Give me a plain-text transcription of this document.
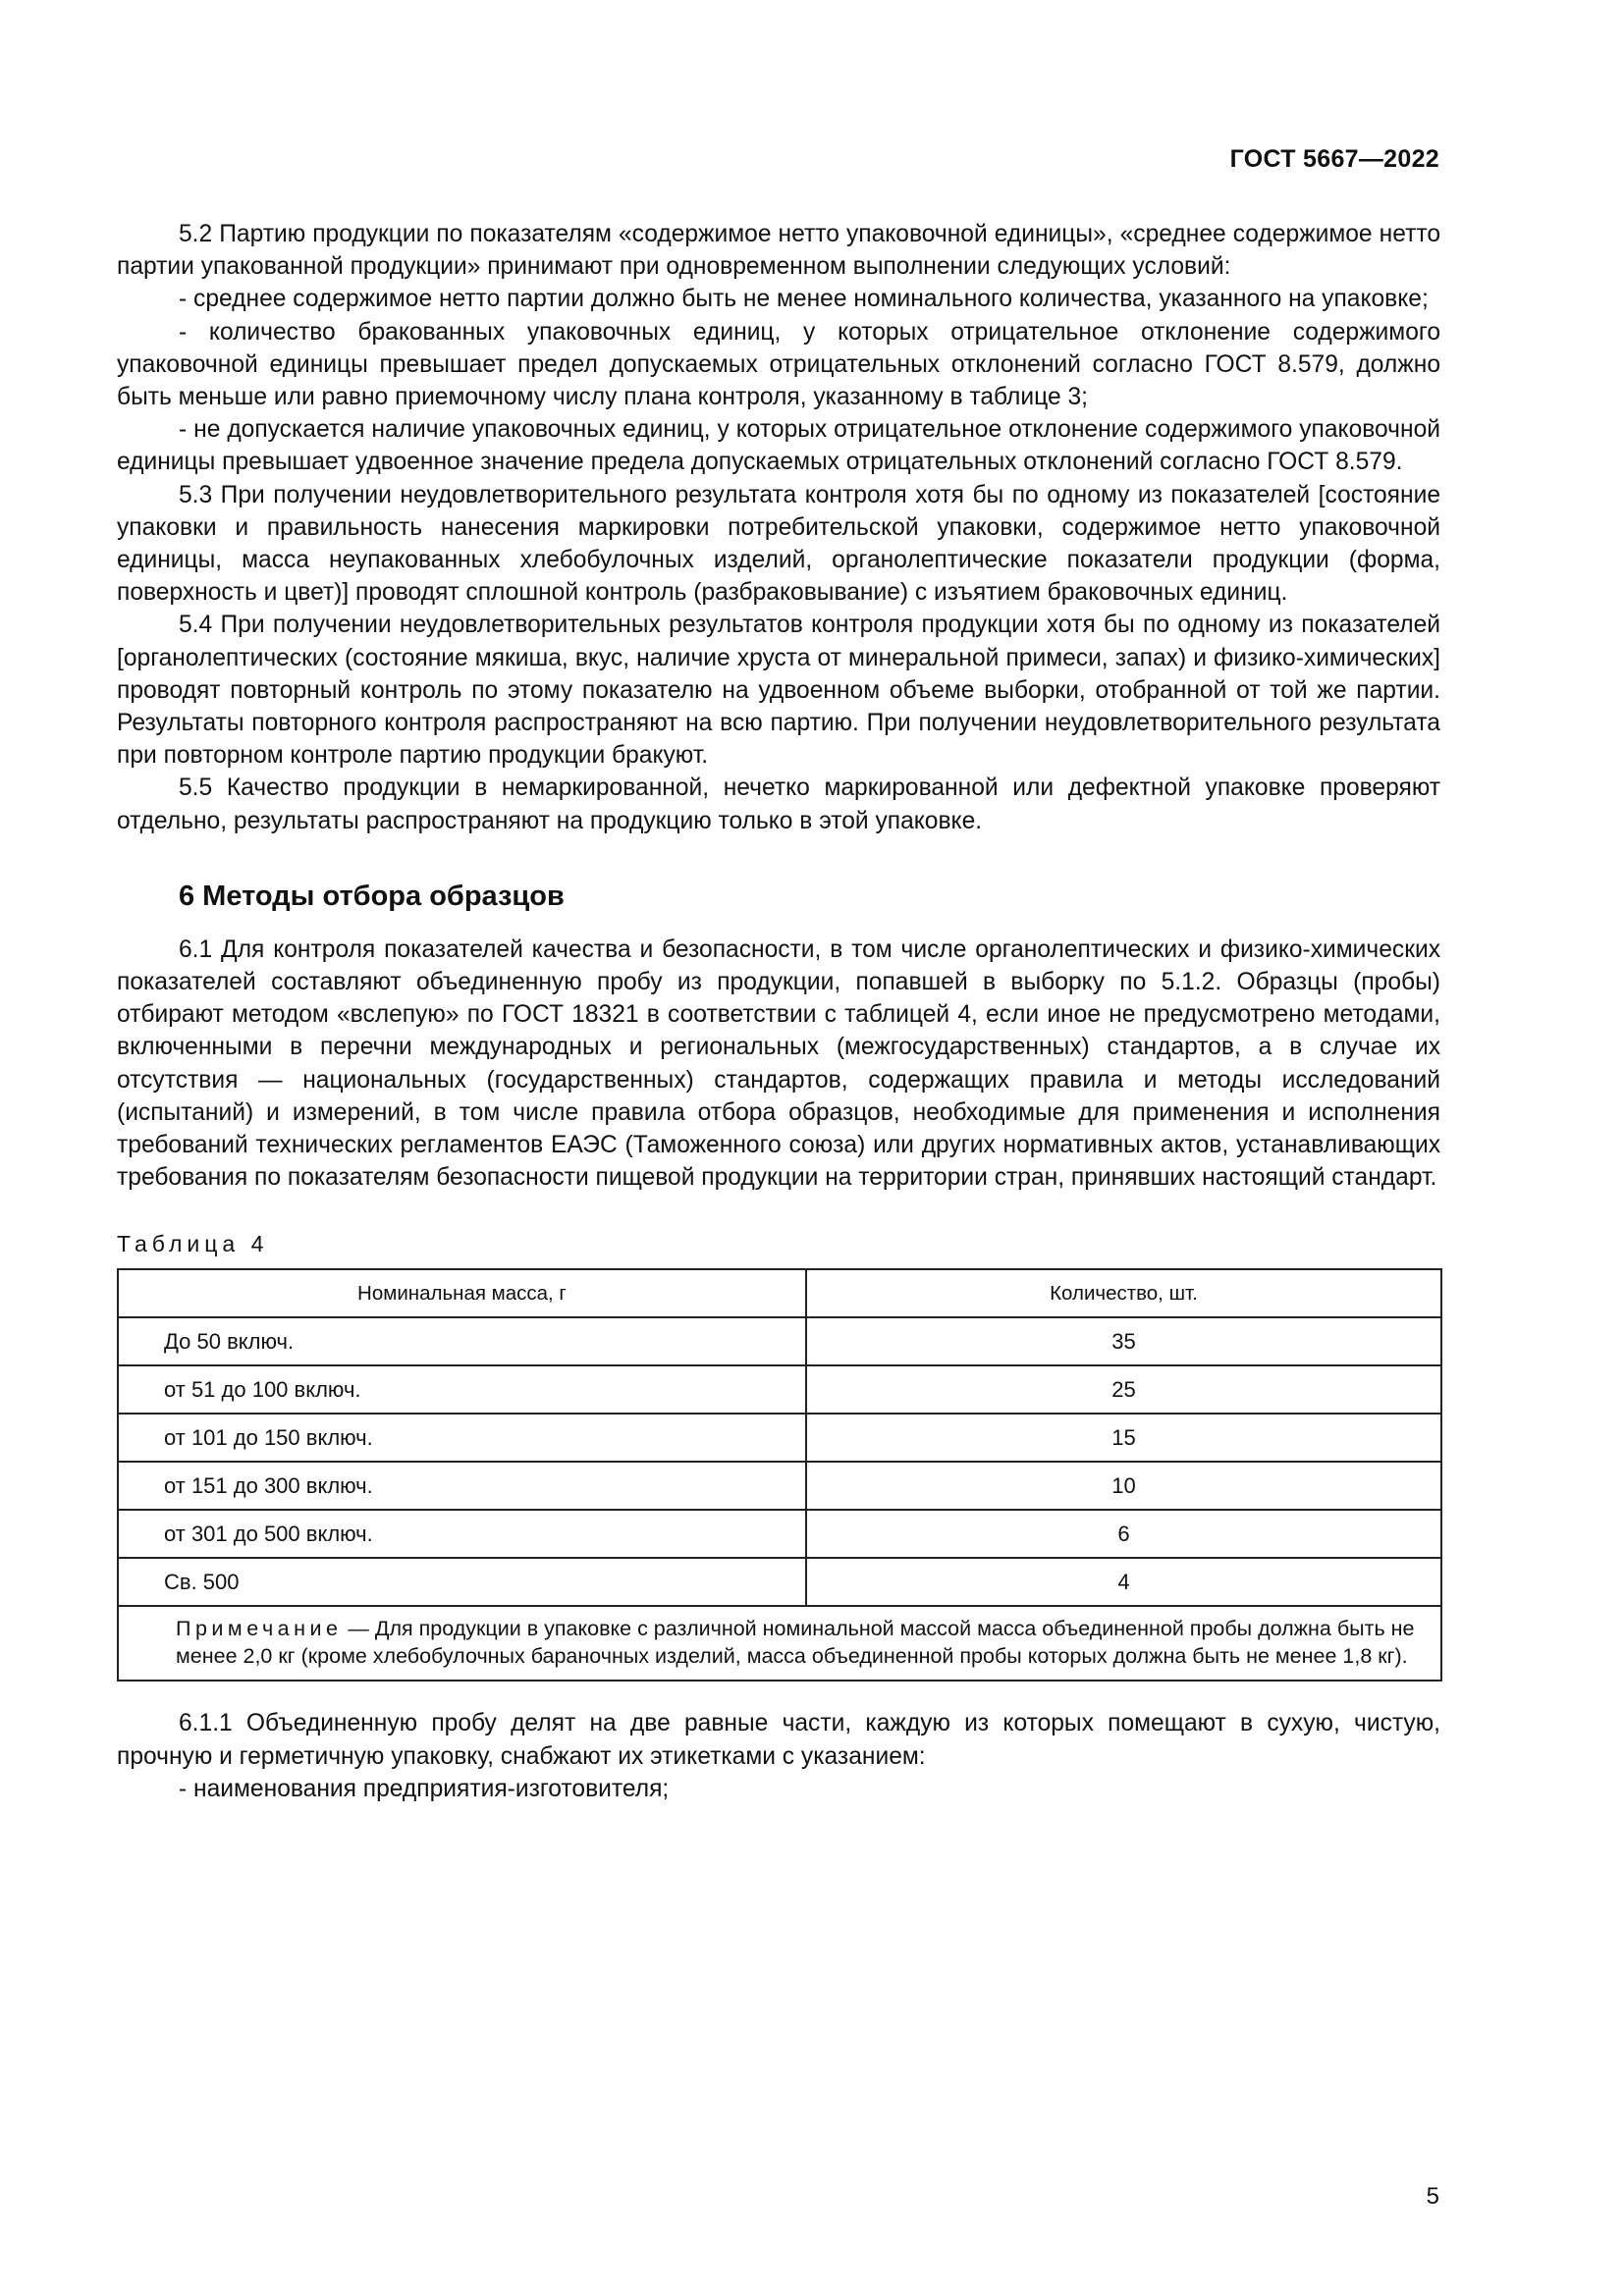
ГОСТ 5667—2022

5.2 Партию продукции по показателям «содержимое нетто упаковочной единицы», «среднее содержимое нетто партии упакованной продукции» принимают при одновременном выполнении следующих условий:

- среднее содержимое нетто партии должно быть не менее номинального количества, указанного на упаковке;

- количество бракованных упаковочных единиц, у которых отрицательное отклонение содержимого упаковочной единицы превышает предел допускаемых отрицательных отклонений согласно ГОСТ 8.579, должно быть меньше или равно приемочному числу плана контроля, указанному в таблице 3;

- не допускается наличие упаковочных единиц, у которых отрицательное отклонение содержимого упаковочной единицы превышает удвоенное значение предела допускаемых отрицательных отклонений согласно ГОСТ 8.579.

5.3 При получении неудовлетворительного результата контроля хотя бы по одному из показателей [состояние упаковки и правильность нанесения маркировки потребительской упаковки, содержимое нетто упаковочной единицы, масса неупакованных хлебобулочных изделий, органолептические показатели продукции (форма, поверхность и цвет)] проводят сплошной контроль (разбраковывание) с изъятием браковочных единиц.

5.4 При получении неудовлетворительных результатов контроля продукции хотя бы по одному из показателей [органолептических (состояние мякиша, вкус, наличие хруста от минеральной примеси, запах) и физико-химических] проводят повторный контроль по этому показателю на удвоенном объеме выборки, отобранной от той же партии. Результаты повторного контроля распространяют на всю партию. При получении неудовлетворительного результата при повторном контроле партию продукции бракуют.

5.5 Качество продукции в немаркированной, нечетко маркированной или дефектной упаковке проверяют отдельно, результаты распространяют на продукцию только в этой упаковке.

6 Методы отбора образцов

6.1 Для контроля показателей качества и безопасности, в том числе органолептических и физико-химических показателей составляют объединенную пробу из продукции, попавшей в выборку по 5.1.2. Образцы (пробы) отбирают методом «вслепую» по ГОСТ 18321 в соответствии с таблицей 4, если иное не предусмотрено методами, включенными в перечни международных и региональных (межгосударственных) стандартов, а в случае их отсутствия — национальных (государственных) стандартов, содержащих правила и методы исследований (испытаний) и измерений, в том числе правила отбора образцов, необходимые для применения и исполнения требований технических регламентов ЕАЭС (Таможенного союза) или других нормативных актов, устанавливающих требования по показателям безопасности пищевой продукции на территории стран, принявших настоящий стандарт.

Таблица 4
Номинальная масса, г	Количество, шт.
До 50 включ.	35
от 51 до 100 включ.	25
от 101 до 150 включ.	15
от 151 до 300 включ.	10
от 301 до 500 включ.	6
Св. 500	4
Примечание — Для продукции в упаковке с различной номинальной массой масса объединенной пробы должна быть не менее 2,0 кг (кроме хлебобулочных бараночных изделий, масса объединенной пробы которых должна быть не менее 1,8 кг).	

6.1.1 Объединенную пробу делят на две равные части, каждую из которых помещают в сухую, чистую, прочную и герметичную упаковку, снабжают их этикетками с указанием:

- наименования предприятия-изготовителя;

5
